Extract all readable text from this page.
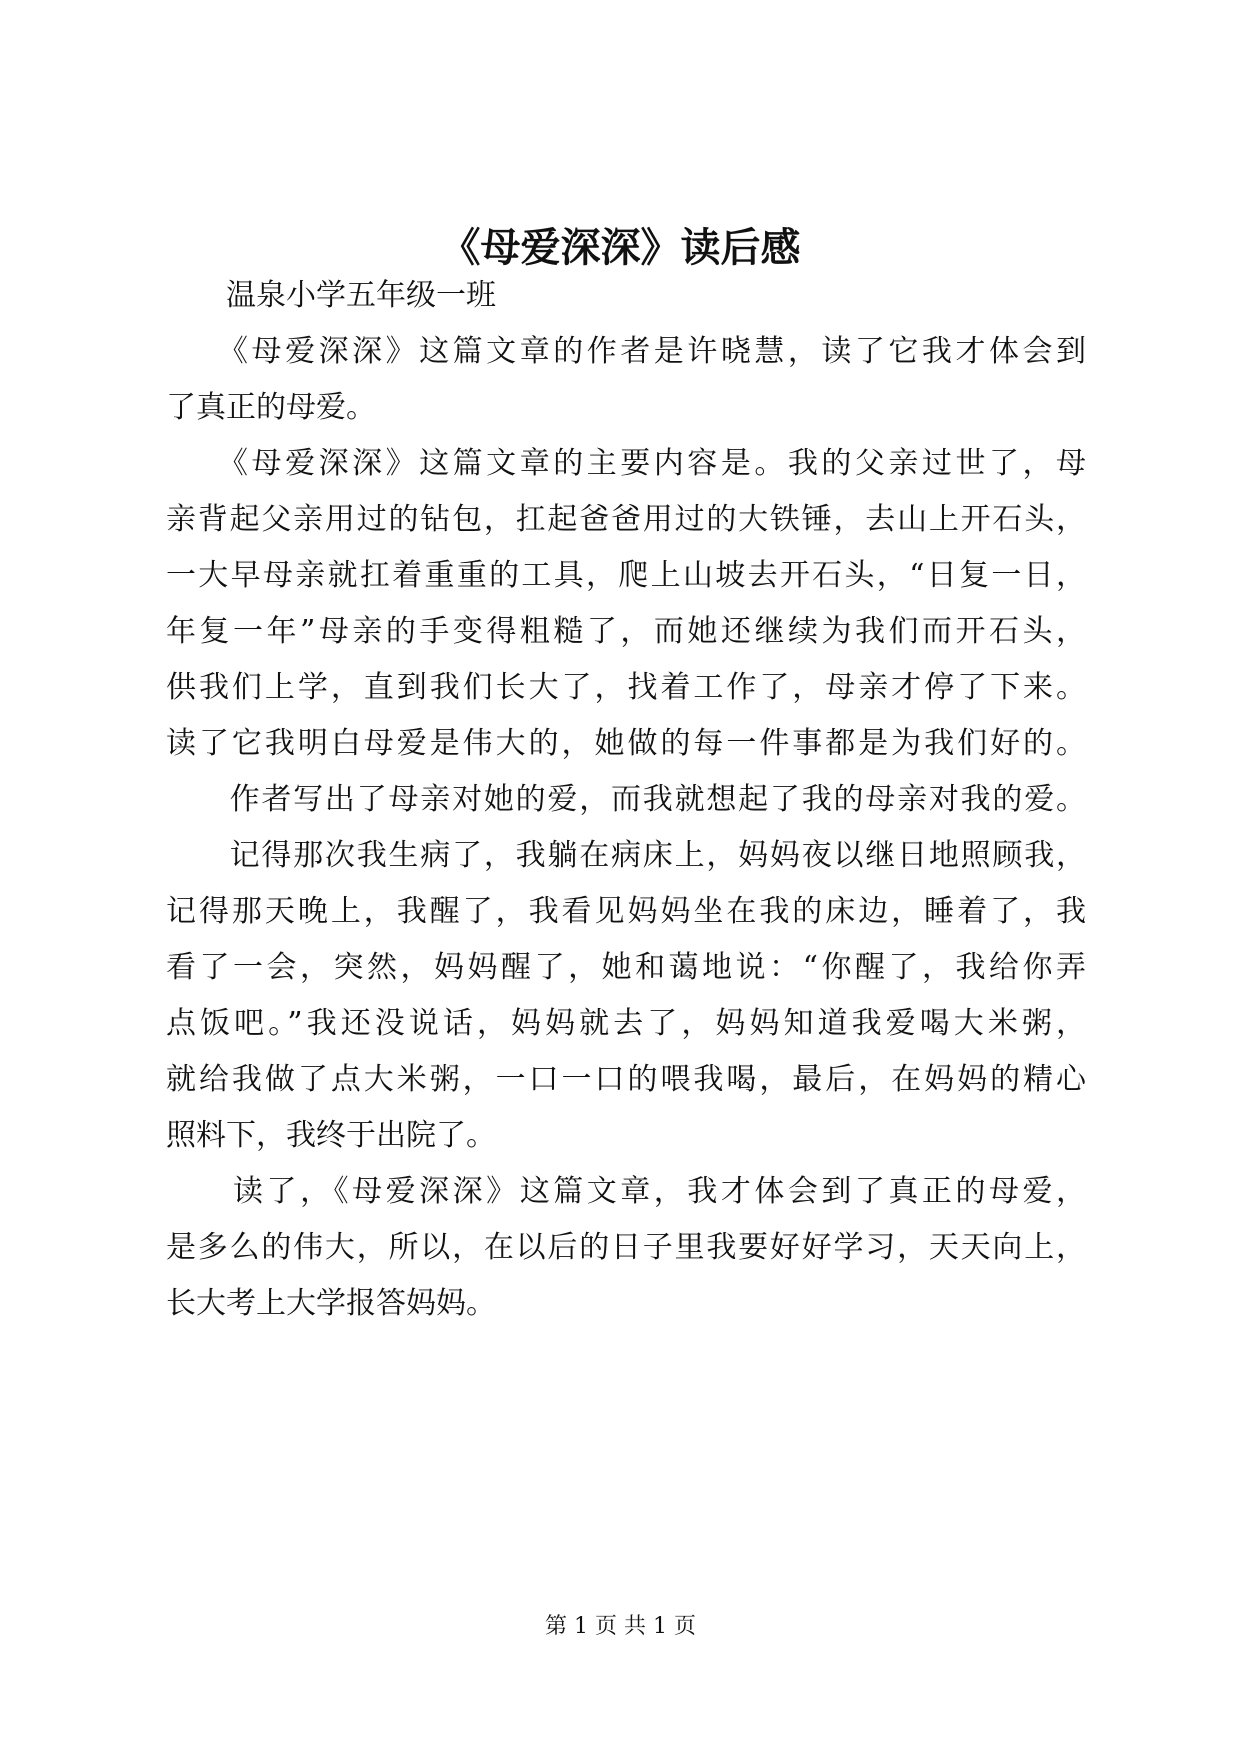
《母爱深深》读后感
　　温泉小学五年级一班
　　《母爱深深》这篇文章的作者是许晓慧，读了它我才体会到
了真正的母爱。
　　《母爱深深》这篇文章的主要内容是。我的父亲过世了，母
亲背起父亲用过的钻包，扛起爸爸用过的大铁锤，去山上开石头，
一大早母亲就扛着重重的工具，爬上山坡去开石头，“日复一日，
年复一年”母亲的手变得粗糙了，而她还继续为我们而开石头，
供我们上学，直到我们长大了，找着工作了，母亲才停了下来。
读了它我明白母爱是伟大的，她做的每一件事都是为我们好的。
　　作者写出了母亲对她的爱，而我就想起了我的母亲对我的爱。
　　记得那次我生病了，我躺在病床上，妈妈夜以继日地照顾我，
记得那天晚上，我醒了，我看见妈妈坐在我的床边，睡着了，我
看了一会，突然，妈妈醒了，她和蔼地说：“你醒了，我给你弄
点饭吧。”我还没说话，妈妈就去了，妈妈知道我爱喝大米粥，
就给我做了点大米粥，一口一口的喂我喝，最后，在妈妈的精心
照料下，我终于出院了。
　　读了，《母爱深深》这篇文章，我才体会到了真正的母爱，
是多么的伟大，所以，在以后的日子里我要好好学习，天天向上，
长大考上大学报答妈妈。
第 1 页 共 1 页
